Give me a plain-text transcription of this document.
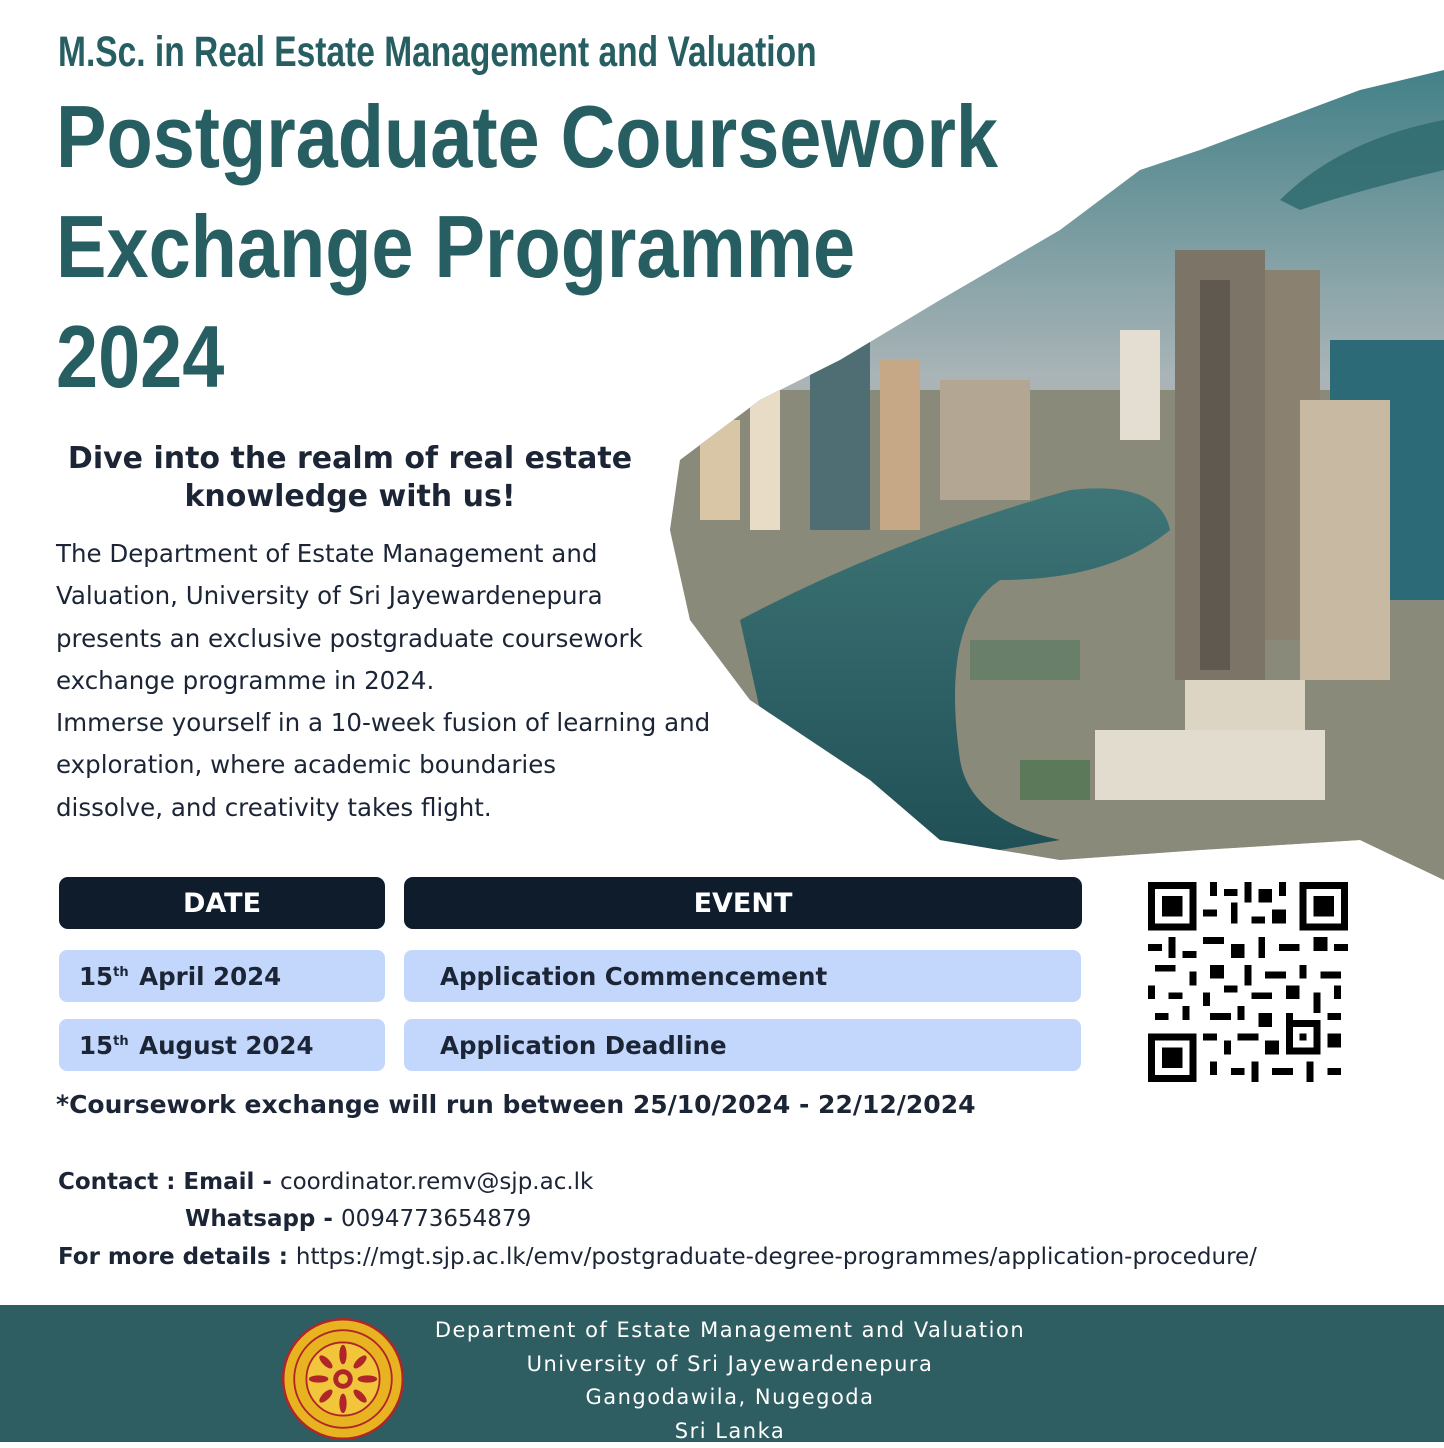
M.Sc. in Real Estate Management and Valuation
Postgraduate Coursework
Exchange Programme
2024
Dive into the realm of real estate
knowledge with us!
The Department of Estate Management and
Valuation, University of Sri Jayewardenepura
presents an exclusive postgraduate coursework
exchange programme in 2024.
Immerse yourself in a 10-week fusion of learning and
exploration, where academic boundaries
dissolve, and creativity takes flight.
DATE	EVENT
15th
April 2024	Application Commencement
15th
August 2024	Application Deadline
*Coursework exchange will run between 25/10/2024 - 22/12/2024
Contact : Email - coordinator.remv@sjp.ac.lk
Whatsapp - 0094773654879
For more details : https://mgt.sjp.ac.lk/emv/postgraduate-degree-programmes/application-procedure/
Department of Estate Management and Valuation
University of Sri Jayewardenepura
Gangodawila, Nugegoda
Sri Lanka
